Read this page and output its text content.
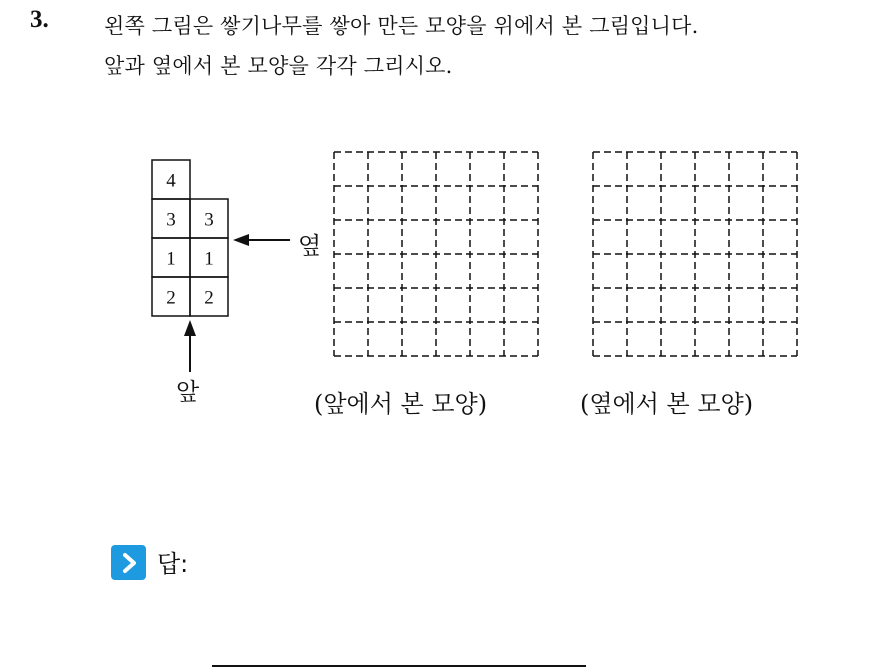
3.	왼쪽 그림은 쌓기나무를 쌓아 만든 모양을 위에서 본 그림입니다.
앞과 옆에서 본 모양을 각각 그리시오.
4
3 3
1 1
2 2
앞
옆
(앞에서 본 모양)	(옆에서 본 모양)
답:
